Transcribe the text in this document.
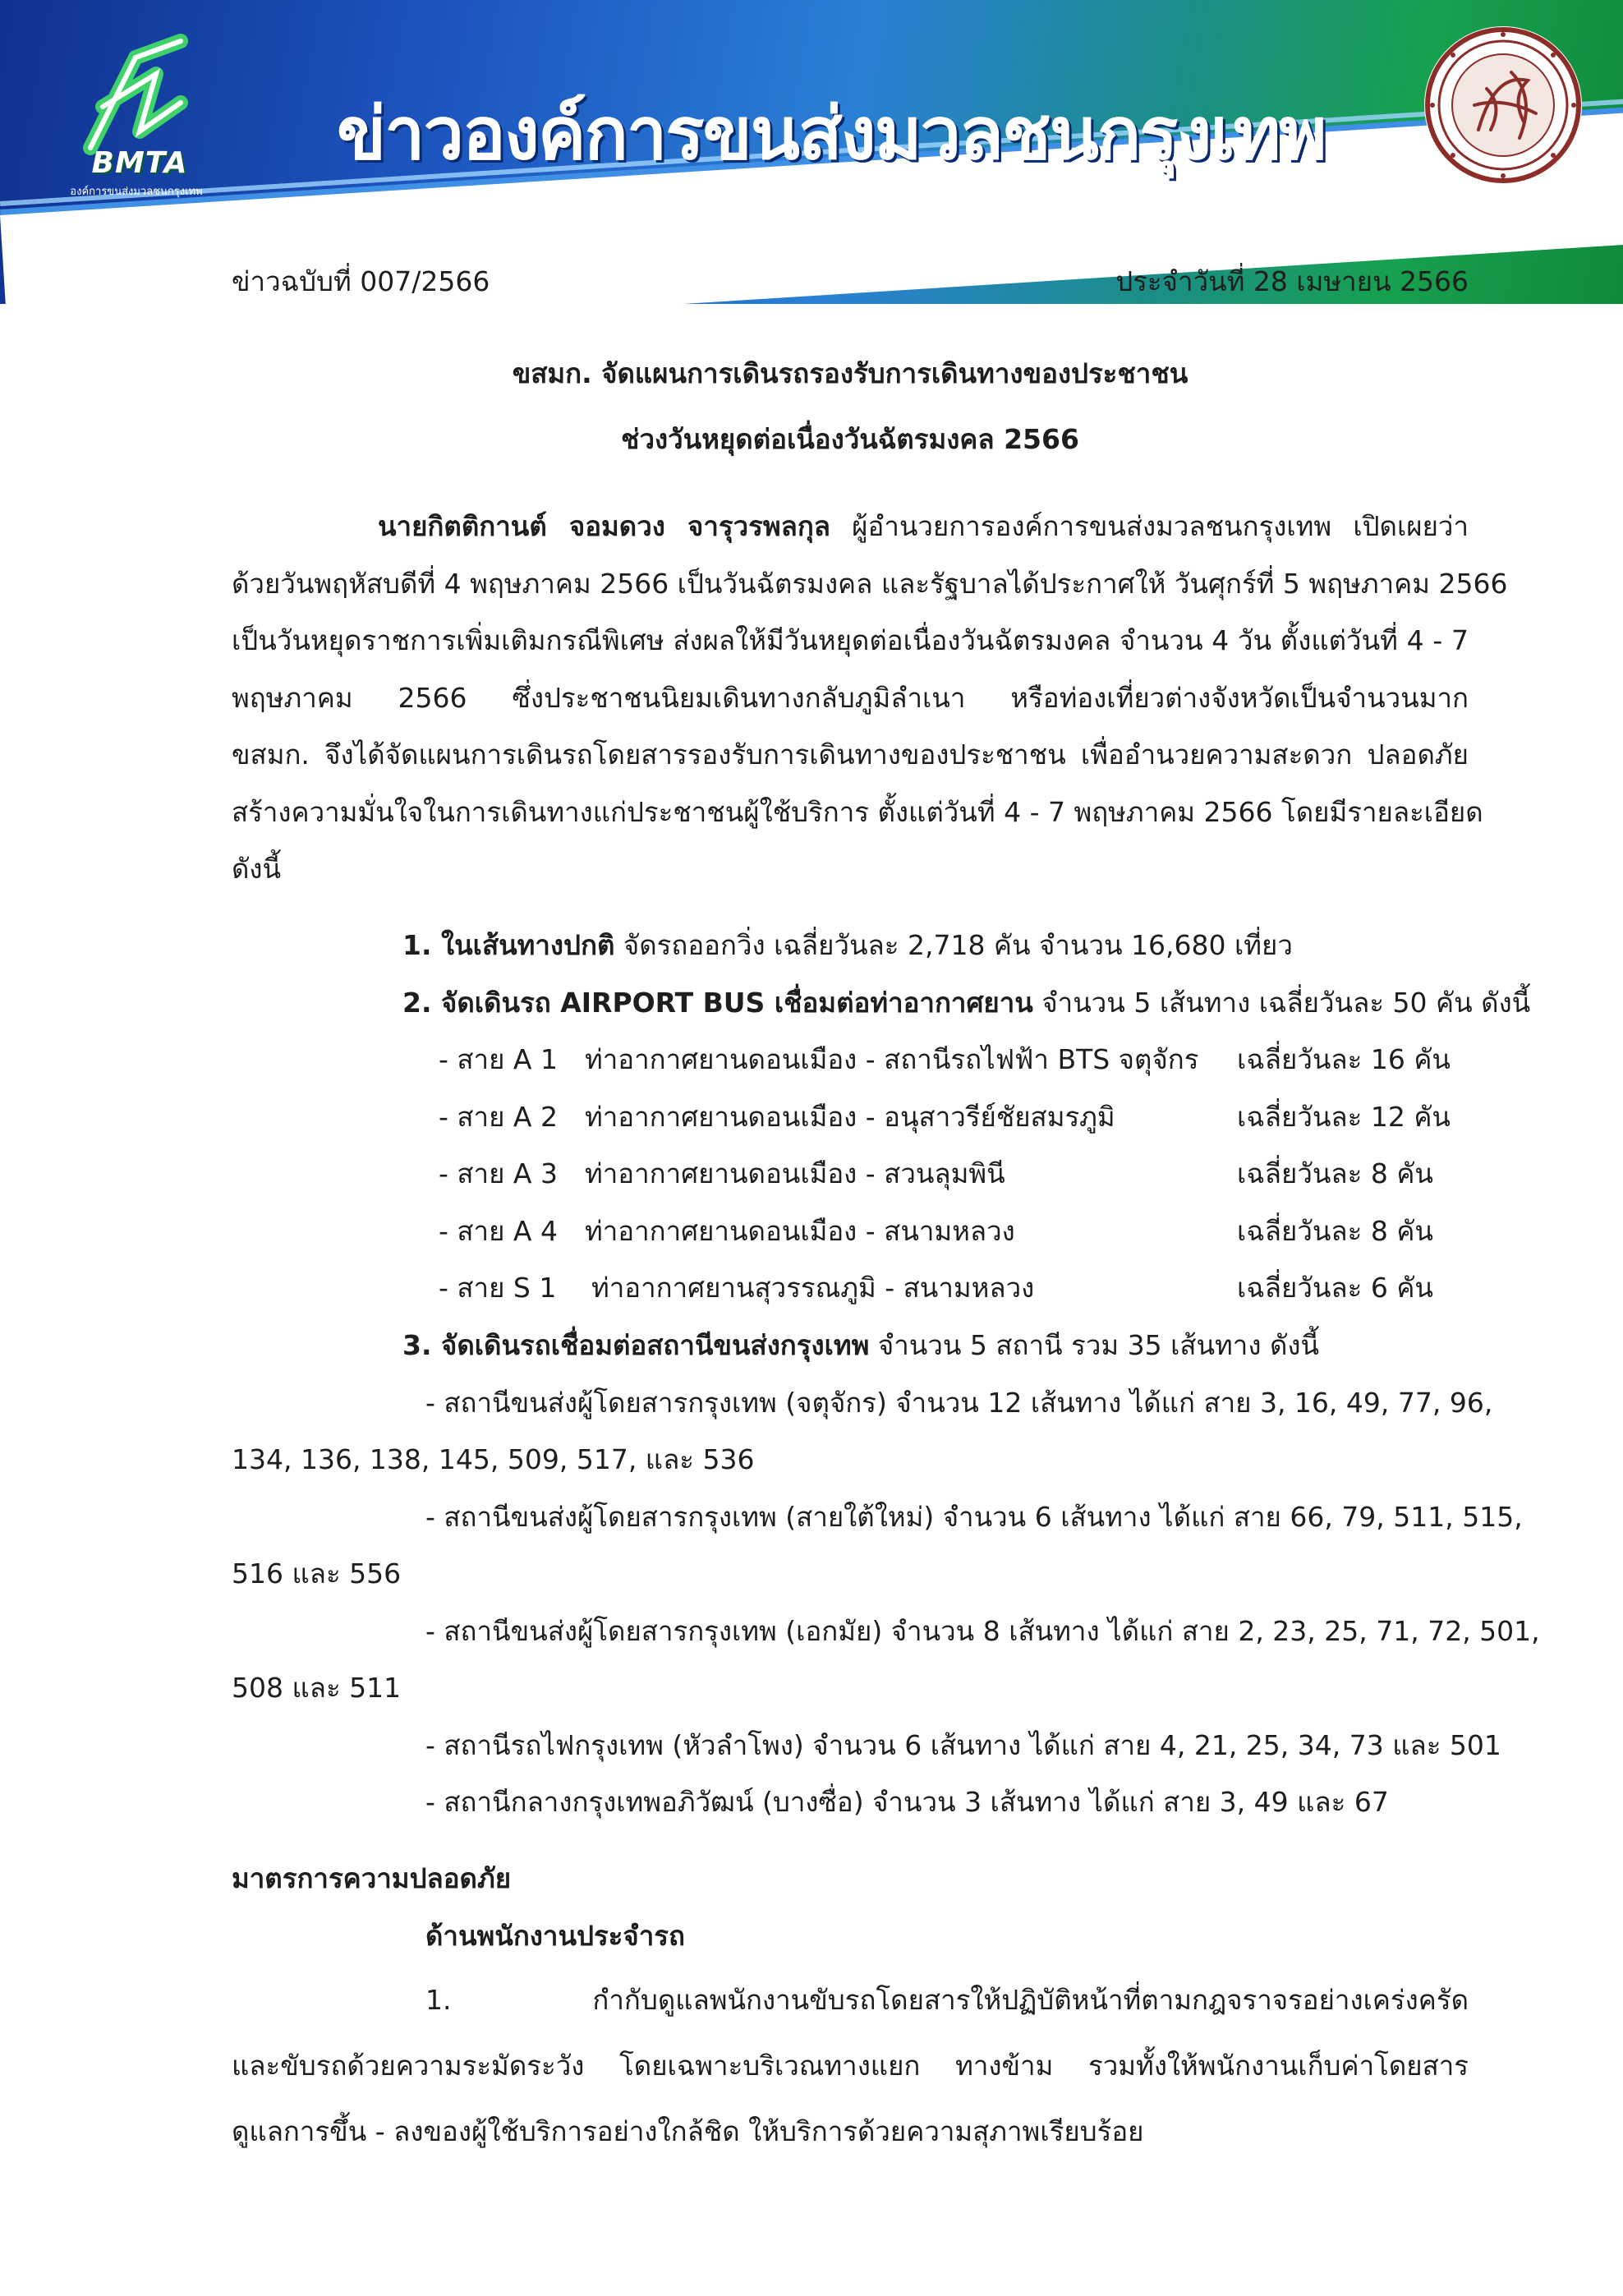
BMTA
องค์การขนส่งมวลชนกรุงเทพ
ข่าวองค์การขนส่งมวลชนกรุงเทพ
ข่าวฉบับที่ 007/2566	ประจำวันที่ 28 เมษายน 2566
ขสมก. จัดแผนการเดินรถรองรับการเดินทางของประชาชน
ช่วงวันหยุดต่อเนื่องวันฉัตรมงคล 2566
นายกิตติกานต์ จอมดวง จารุวรพลกุล ผู้อำนวยการองค์การขนส่งมวลชนกรุงเทพ เปิดเผยว่า
ด้วยวันพฤหัสบดีที่ 4 พฤษภาคม 2566 เป็นวันฉัตรมงคล และรัฐบาลได้ประกาศให้ วันศุกร์ที่ 5 พฤษภาคม 2566
เป็นวันหยุดราชการเพิ่มเติมกรณีพิเศษ ส่งผลให้มีวันหยุดต่อเนื่องวันฉัตรมงคล จำนวน 4 วัน ตั้งแต่วันที่ 4 - 7
พฤษภาคม 2566 ซึ่งประชาชนนิยมเดินทางกลับภูมิลำเนา หรือท่องเที่ยวต่างจังหวัดเป็นจำนวนมาก
ขสมก. จึงได้จัดแผนการเดินรถโดยสารรองรับการเดินทางของประชาชน เพื่ออำนวยความสะดวก ปลอดภัย
สร้างความมั่นใจในการเดินทางแก่ประชาชนผู้ใช้บริการ ตั้งแต่วันที่ 4 - 7 พฤษภาคม 2566 โดยมีรายละเอียด
ดังนี้
1. ในเส้นทางปกติ จัดรถออกวิ่ง เฉลี่ยวันละ 2,718 คัน จำนวน 16,680 เที่ยว
2. จัดเดินรถ AIRPORT BUS เชื่อมต่อท่าอากาศยาน จำนวน 5 เส้นทาง เฉลี่ยวันละ 50 คัน ดังนี้
- สาย A 1 ท่าอากาศยานดอนเมือง - สถานีรถไฟฟ้า BTS จตุจักร เฉลี่ยวันละ 16 คัน
- สาย A 2 ท่าอากาศยานดอนเมือง - อนุสาวรีย์ชัยสมรภูมิ	เฉลี่ยวันละ 12 คัน
- สาย A 3 ท่าอากาศยานดอนเมือง - สวนลุมพินี	เฉลี่ยวันละ 8 คัน
- สาย A 4 ท่าอากาศยานดอนเมือง - สนามหลวง	เฉลี่ยวันละ 8 คัน
- สาย S 1 ท่าอากาศยานสุวรรณภูมิ - สนามหลวง	เฉลี่ยวันละ 6 คัน
3. จัดเดินรถเชื่อมต่อสถานีขนส่งกรุงเทพ จำนวน 5 สถานี รวม 35 เส้นทาง ดังนี้
- สถานีขนส่งผู้โดยสารกรุงเทพ (จตุจักร) จำนวน 12 เส้นทาง ได้แก่ สาย 3, 16, 49, 77, 96,
134, 136, 138, 145, 509, 517, และ 536
- สถานีขนส่งผู้โดยสารกรุงเทพ (สายใต้ใหม่) จำนวน 6 เส้นทาง ได้แก่ สาย 66, 79, 511, 515,
516 และ 556
- สถานีขนส่งผู้โดยสารกรุงเทพ (เอกมัย) จำนวน 8 เส้นทาง ได้แก่ สาย 2, 23, 25, 71, 72, 501,
508 และ 511
- สถานีรถไฟกรุงเทพ (หัวลำโพง) จำนวน 6 เส้นทาง ได้แก่ สาย 4, 21, 25, 34, 73 และ 501
- สถานีกลางกรุงเทพอภิวัฒน์ (บางซื่อ) จำนวน 3 เส้นทาง ได้แก่ สาย 3, 49 และ 67
มาตรการความปลอดภัย
ด้านพนักงานประจำรถ
1. กำกับดูแลพนักงานขับรถโดยสารให้ปฏิบัติหน้าที่ตามกฎจราจรอย่างเคร่งครัด
และขับรถด้วยความระมัดระวัง โดยเฉพาะบริเวณทางแยก ทางข้าม รวมทั้งให้พนักงานเก็บค่าโดยสาร
ดูแลการขึ้น - ลงของผู้ใช้บริการอย่างใกล้ชิด ให้บริการด้วยความสุภาพเรียบร้อย
